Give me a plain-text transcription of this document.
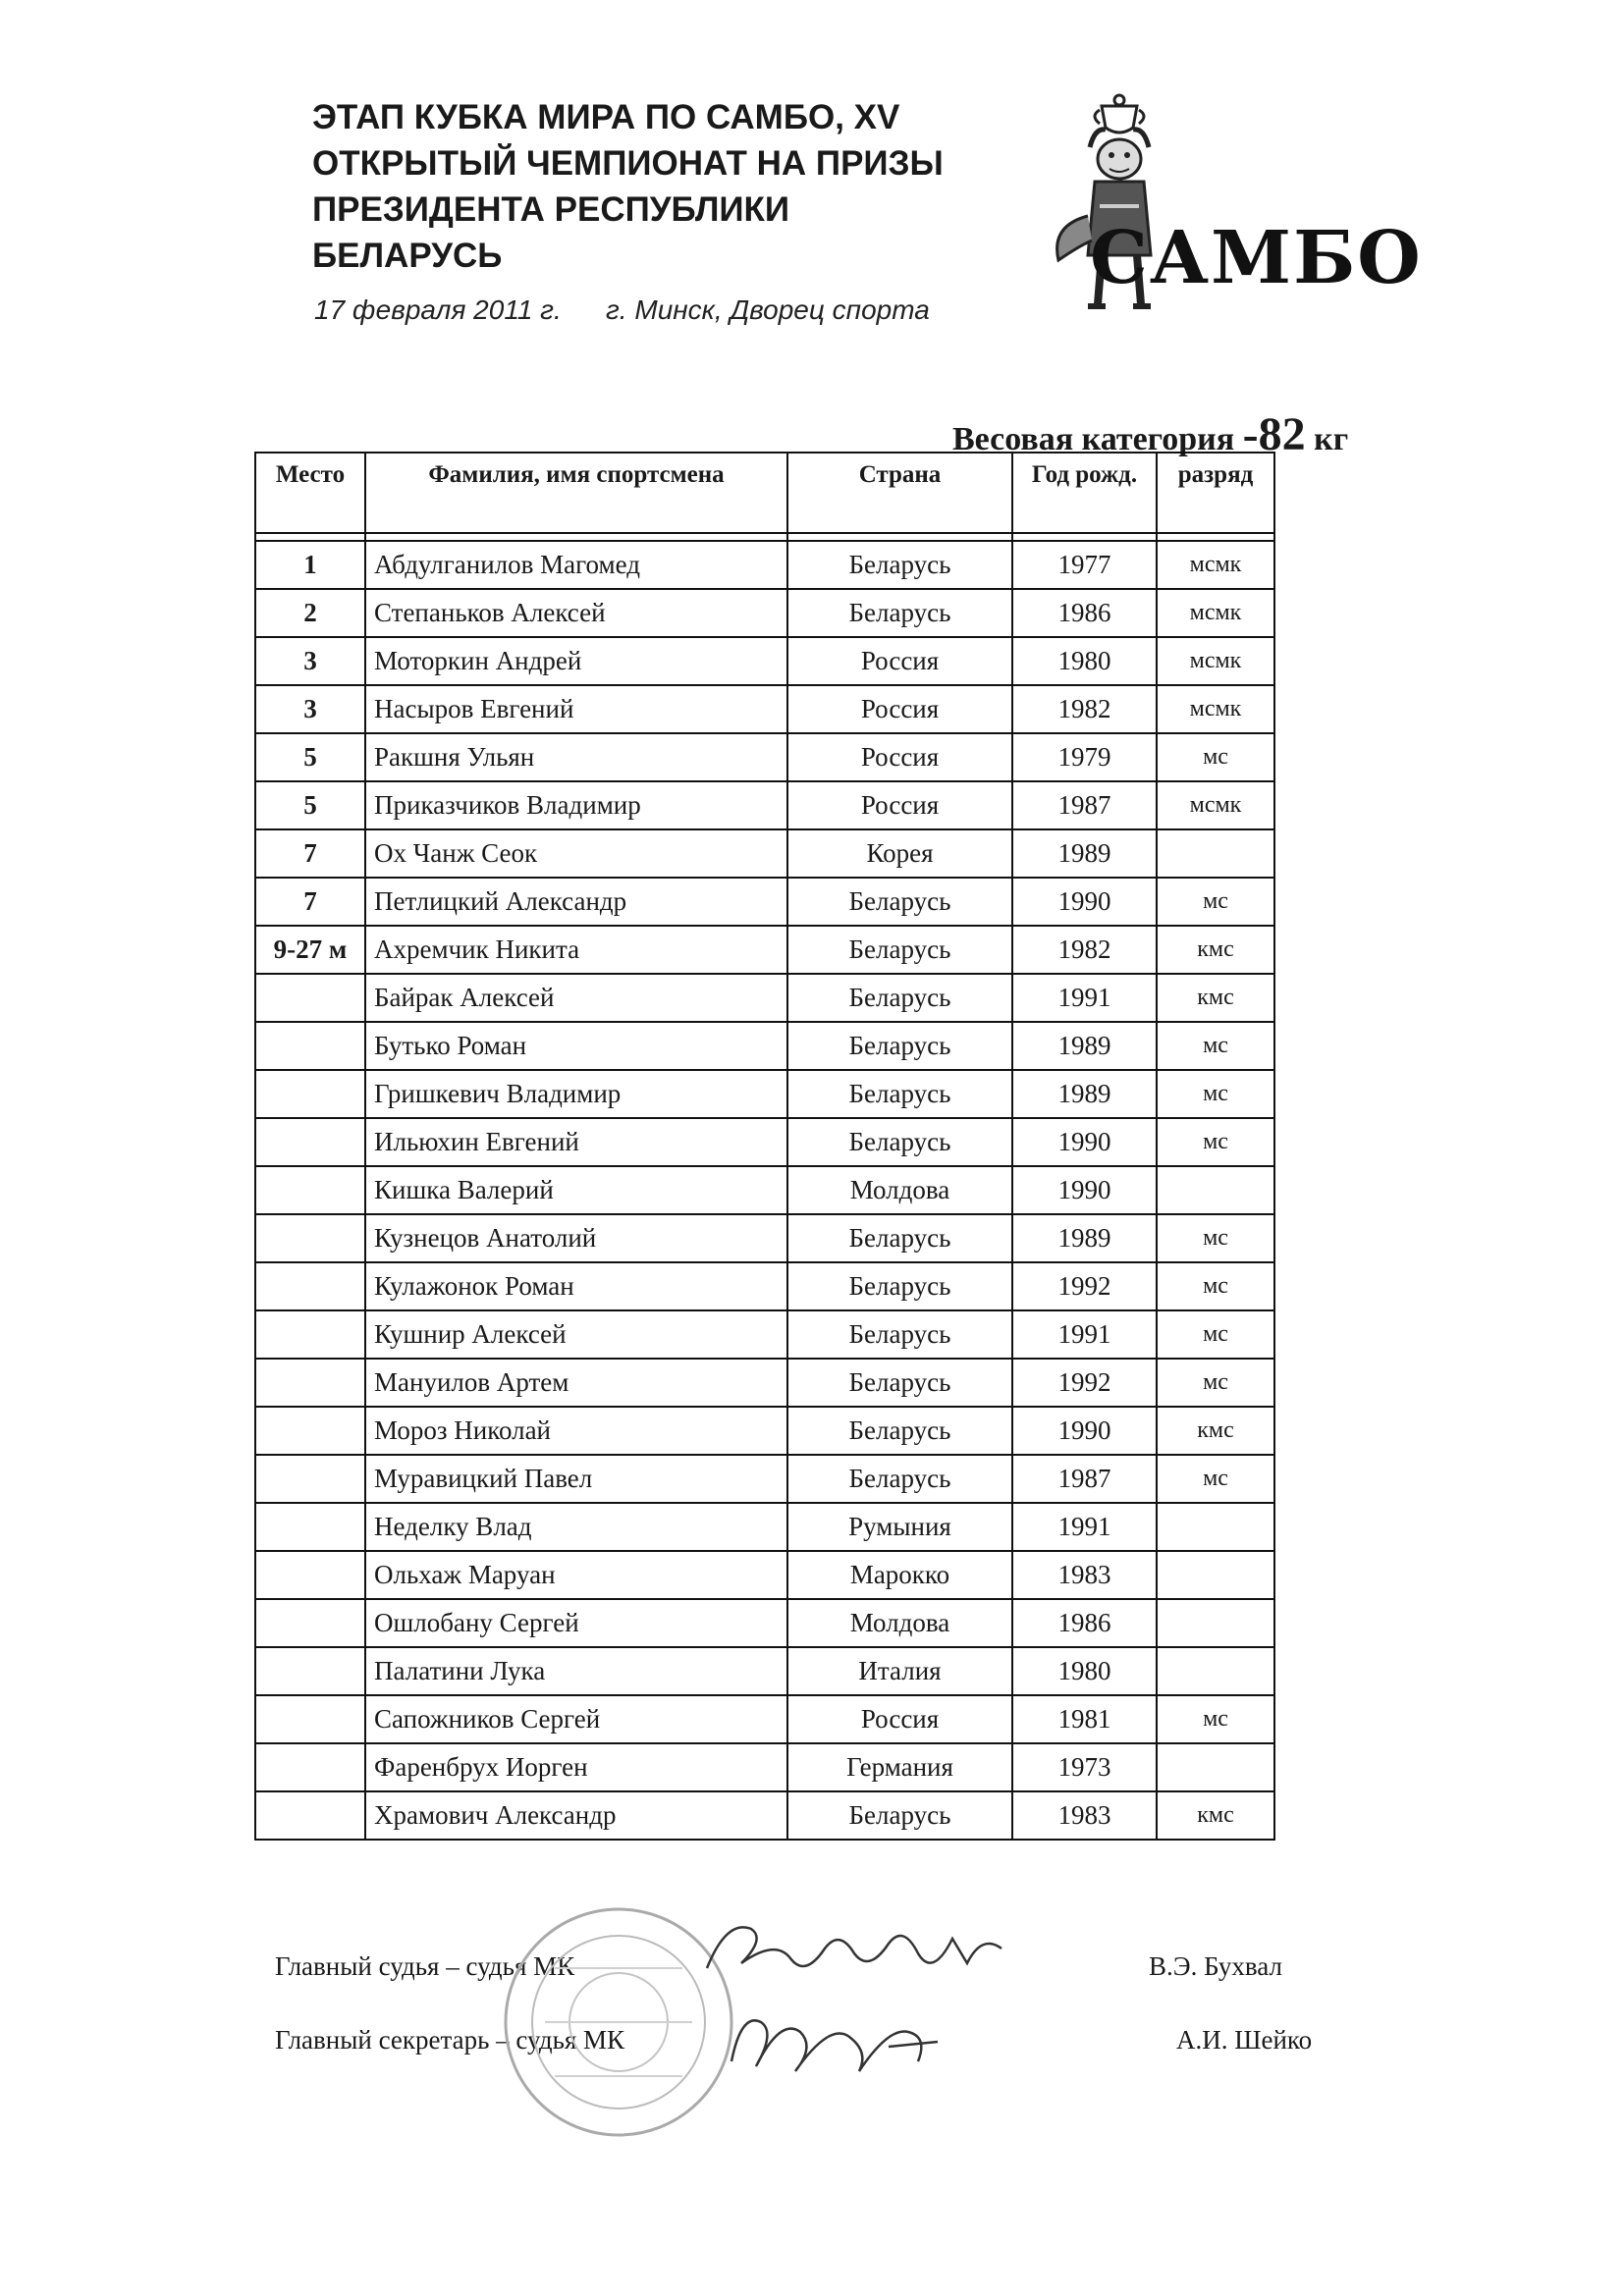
ЭТАП КУБКА МИРА ПО САМБО, XV
ОТКРЫТЫЙ ЧЕМПИОНАТ НА ПРИЗЫ
ПРЕЗИДЕНТА РЕСПУБЛИКИ
БЕЛАРУСЬ
17 февраля 2011 г. г. Минск, Дворец спорта
САМБО
Весовая категория -82 кг
Место	Фамилия, имя спортсмена	Страна	Год рожд.	разряд

1	Абдулганилов Магомед	Беларусь	1977	мсмк
2	Степаньков Алексей	Беларусь	1986	мсмк
3	Моторкин Андрей	Россия	1980	мсмк
3	Насыров Евгений	Россия	1982	мсмк
5	Ракшня Ульян	Россия	1979	мс
5	Приказчиков Владимир	Россия	1987	мсмк
7	Ох Чанж Сеок	Корея	1989	
7	Петлицкий Александр	Беларусь	1990	мс
9-27 м	Ахремчик Никита	Беларусь	1982	кмс
	Байрак Алексей	Беларусь	1991	кмс
	Бутько Роман	Беларусь	1989	мс
	Гришкевич Владимир	Беларусь	1989	мс
	Ильюхин Евгений	Беларусь	1990	мс
	Кишка Валерий	Молдова	1990	
	Кузнецов Анатолий	Беларусь	1989	мс
	Кулажонок Роман	Беларусь	1992	мс
	Кушнир Алексей	Беларусь	1991	мс
	Мануилов Артем	Беларусь	1992	мс
	Мороз Николай	Беларусь	1990	кмс
	Муравицкий Павел	Беларусь	1987	мс
	Неделку Влад	Румыния	1991	
	Ольхаж Маруан	Марокко	1983	
	Ошлобану Сергей	Молдова	1986	
	Палатини Лука	Италия	1980	
	Сапожников Сергей	Россия	1981	мс
	Фаренбрух Иорген	Германия	1973	
	Храмович Александр	Беларусь	1983	кмс
Главный судья – судья МК	В.Э. Бухвал
Главный секретарь – судья МК	А.И. Шейко
